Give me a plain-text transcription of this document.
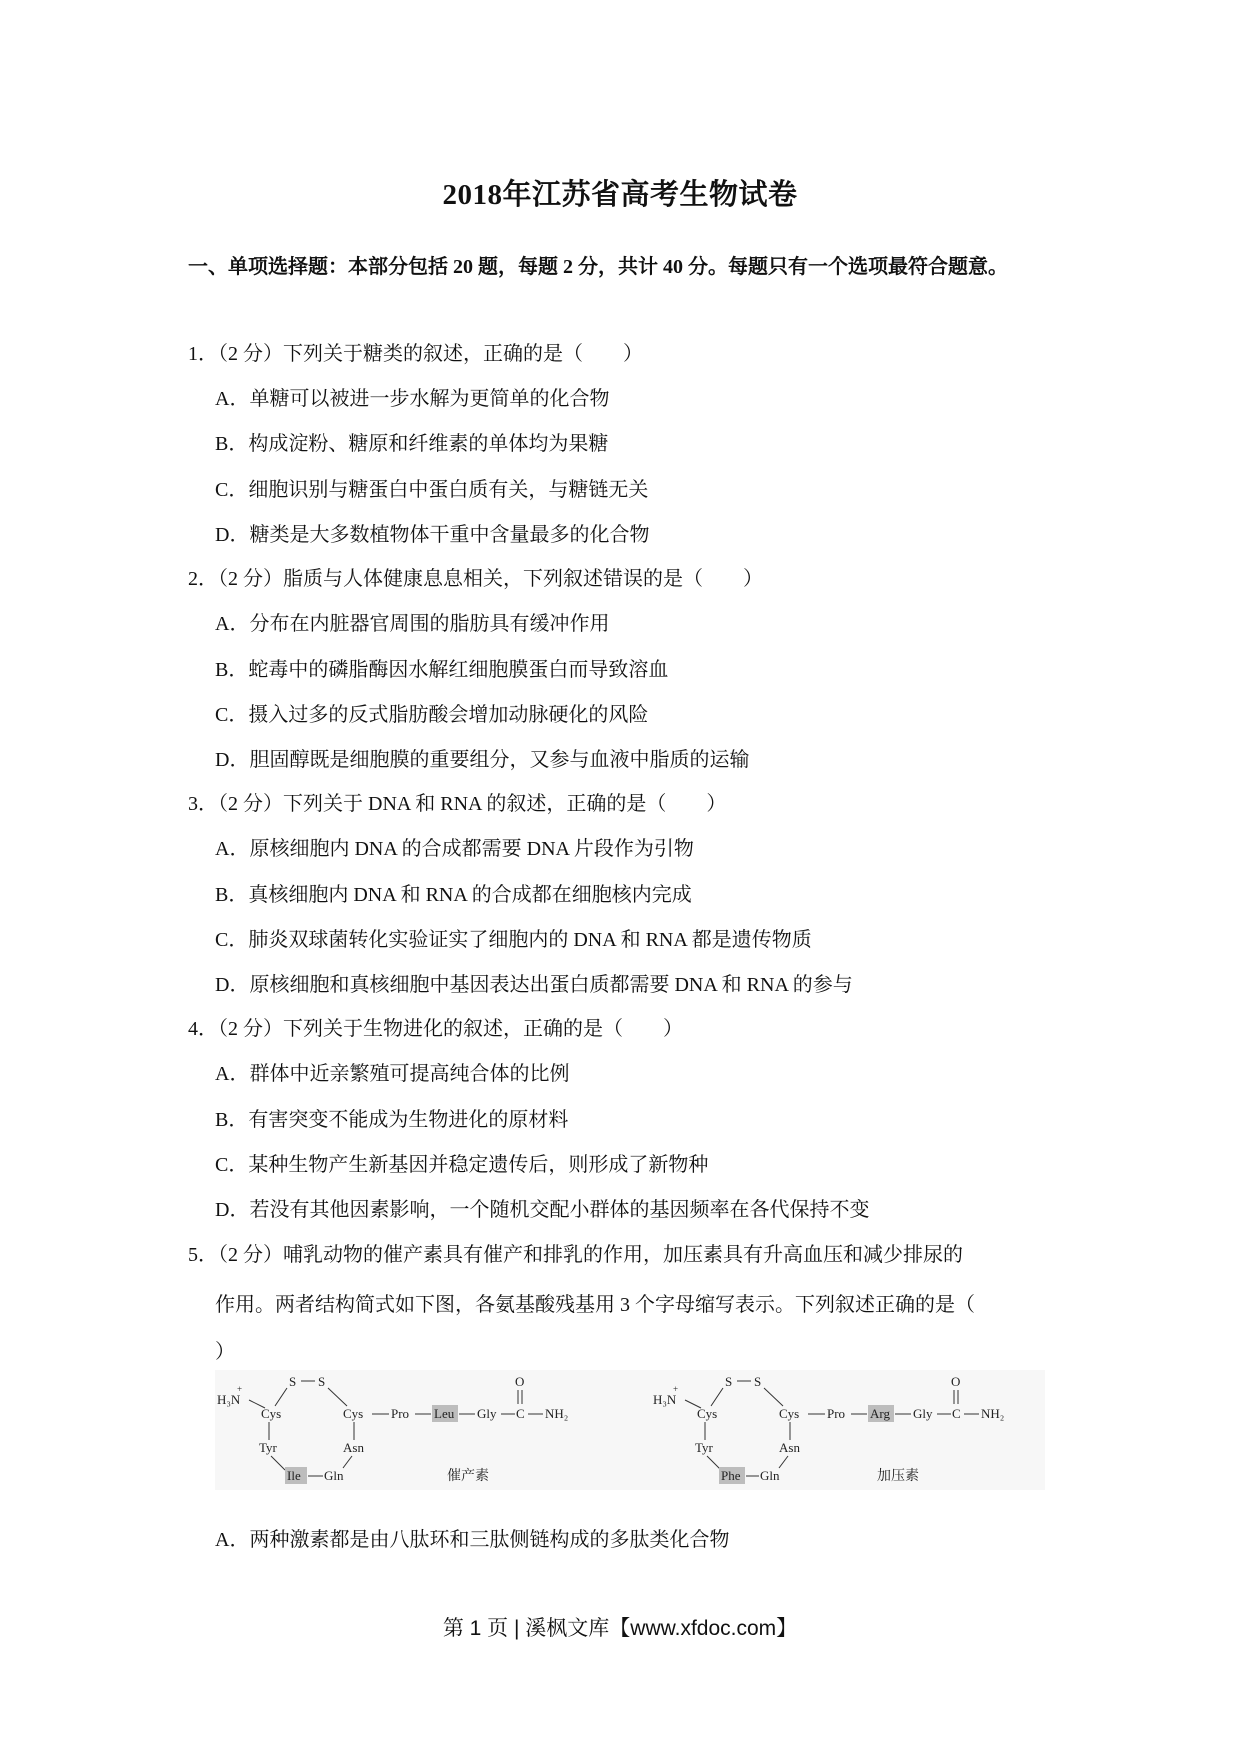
2018年江苏省高考生物试卷
一、单项选择题：本部分包括 20 题，每题 2 分，共计 40 分。每题只有一个选项最符合题意。
1．（2 分）下列关于糖类的叙述，正确的是（　　）
A．单糖可以被进一步水解为更简单的化合物
B．构成淀粉、糖原和纤维素的单体均为果糖
C．细胞识别与糖蛋白中蛋白质有关，与糖链无关
D．糖类是大多数植物体干重中含量最多的化合物
2．（2 分）脂质与人体健康息息相关，下列叙述错误的是（　　）
A．分布在内脏器官周围的脂肪具有缓冲作用
B．蛇毒中的磷脂酶因水解红细胞膜蛋白而导致溶血
C．摄入过多的反式脂肪酸会增加动脉硬化的风险
D．胆固醇既是细胞膜的重要组分，又参与血液中脂质的运输
3．（2 分）下列关于 DNA 和 RNA 的叙述，正确的是（　　）
A．原核细胞内 DNA 的合成都需要 DNA 片段作为引物
B．真核细胞内 DNA 和 RNA 的合成都在细胞核内完成
C．肺炎双球菌转化实验证实了细胞内的 DNA 和 RNA 都是遗传物质
D．原核细胞和真核细胞中基因表达出蛋白质都需要 DNA 和 RNA 的参与
4．（2 分）下列关于生物进化的叙述，正确的是（　　）
A．群体中近亲繁殖可提高纯合体的比例
B．有害突变不能成为生物进化的原材料
C．某种生物产生新基因并稳定遗传后，则形成了新物种
D．若没有其他因素影响，一个随机交配小群体的基因频率在各代保持不变
5．（2 分）哺乳动物的催产素具有催产和排乳的作用，加压素具有升高血压和减少排尿的
作用。两者结构简式如下图，各氨基酸残基用 3 个字母缩写表示。下列叙述正确的是（
）
H₃N
+
Cys
S S
Cys Pro Leu Gly C
O
NH₂
Tyr	Asn
Ile Gln	催产素
H₃N
+
Cys
S S
Cys Pro Arg Gly C
O
NH₂
Tyr	Asn
Phe Gln	加压素
A．两种激素都是由八肽环和三肽侧链构成的多肽类化合物
第 1 页 | 溪枫文库【www.xfdoc.com】
